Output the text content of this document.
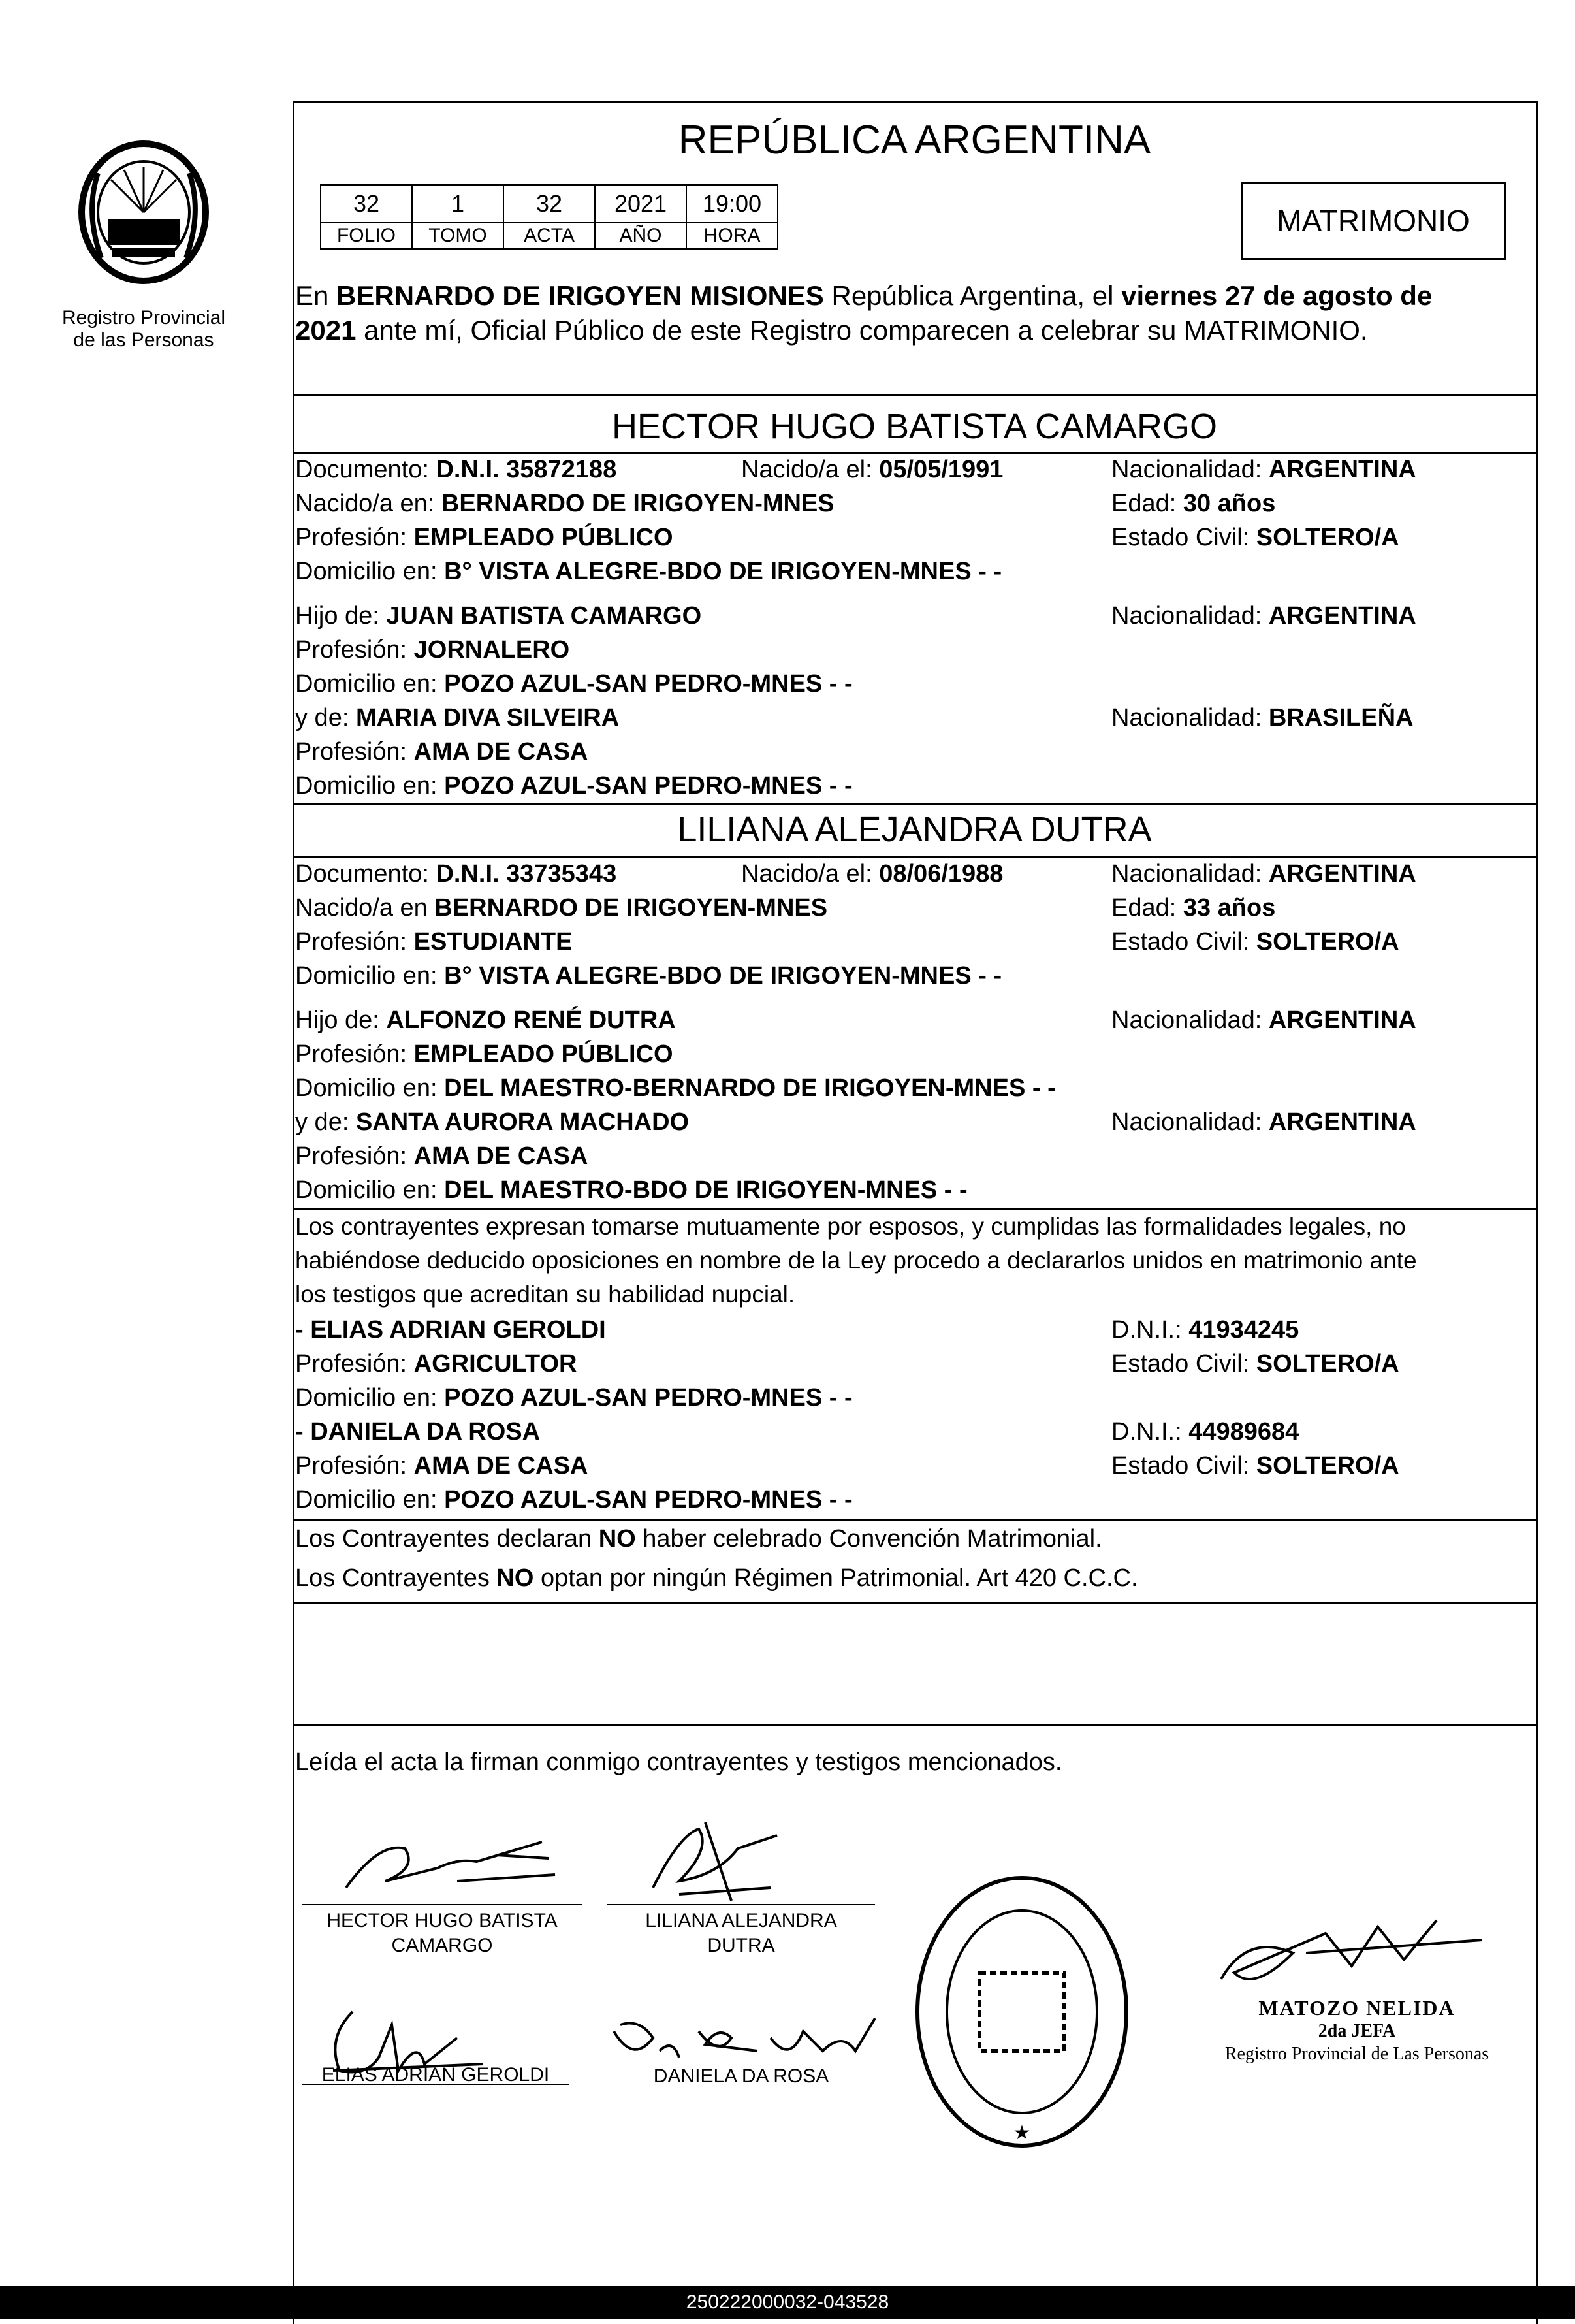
Registro Provincial
de las Personas
REPÚBLICA ARGENTINA
32	1	32	2021	19:00
FOLIO	TOMO	ACTA	AÑO	HORA	MATRIMONIO
En BERNARDO DE IRIGOYEN MISIONES República Argentina, el viernes 27 de agosto de
2021 ante mí, Oficial Público de este Registro comparecen a celebrar su MATRIMONIO.
HECTOR HUGO BATISTA CAMARGO
Documento: D.N.I. 35872188	Nacido/a el: 05/05/1991	Nacionalidad: ARGENTINA
Nacido/a en: BERNARDO DE IRIGOYEN-MNES	Edad: 30 años
Profesión: EMPLEADO PÚBLICO	Estado Civil: SOLTERO/A
Domicilio en: B° VISTA ALEGRE-BDO DE IRIGOYEN-MNES - -
Hijo de: JUAN BATISTA CAMARGO	Nacionalidad: ARGENTINA
Profesión: JORNALERO
Domicilio en: POZO AZUL-SAN PEDRO-MNES - -
y de: MARIA DIVA SILVEIRA	Nacionalidad: BRASILEÑA
Profesión: AMA DE CASA
Domicilio en: POZO AZUL-SAN PEDRO-MNES - -
LILIANA ALEJANDRA DUTRA
Documento: D.N.I. 33735343	Nacido/a el: 08/06/1988	Nacionalidad: ARGENTINA
Nacido/a en BERNARDO DE IRIGOYEN-MNES	Edad: 33 años
Profesión: ESTUDIANTE	Estado Civil: SOLTERO/A
Domicilio en: B° VISTA ALEGRE-BDO DE IRIGOYEN-MNES - -
Hijo de: ALFONZO RENÉ DUTRA	Nacionalidad: ARGENTINA
Profesión: EMPLEADO PÚBLICO
Domicilio en: DEL MAESTRO-BERNARDO DE IRIGOYEN-MNES - -
y de: SANTA AURORA MACHADO	Nacionalidad: ARGENTINA
Profesión: AMA DE CASA
Domicilio en: DEL MAESTRO-BDO DE IRIGOYEN-MNES - -
Los contrayentes expresan tomarse mutuamente por esposos, y cumplidas las formalidades legales, no
habiéndose deducido oposiciones en nombre de la Ley procedo a declararlos unidos en matrimonio ante
los testigos que acreditan su habilidad nupcial.
- ELIAS ADRIAN GEROLDI	D.N.I.: 41934245
Profesión: AGRICULTOR	Estado Civil: SOLTERO/A
Domicilio en: POZO AZUL-SAN PEDRO-MNES - -
- DANIELA DA ROSA	D.N.I.: 44989684
Profesión: AMA DE CASA	Estado Civil: SOLTERO/A
Domicilio en: POZO AZUL-SAN PEDRO-MNES - -
Los Contrayentes declaran NO haber celebrado Convención Matrimonial.
Los Contrayentes NO optan por ningún Régimen Patrimonial. Art 420 C.C.C.
Leída el acta la firman conmigo contrayentes y testigos mencionados.
HECTOR HUGO BATISTA
CAMARGO
LILIANA ALEJANDRA
DUTRA
ELIAS ADRIAN GEROLDI	DANIELA DA ROSA
★
MATOZO NELIDA
2da JEFA
Registro Provincial de Las Personas
250222000032-043528
